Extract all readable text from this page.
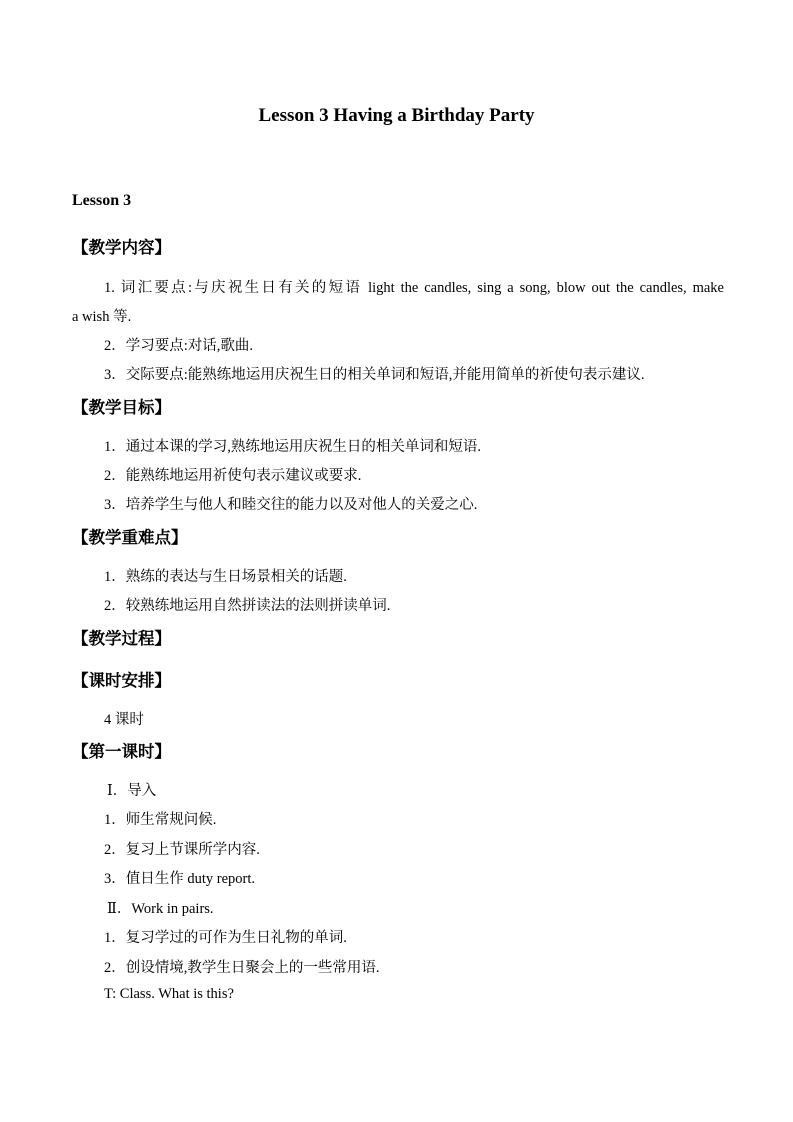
Lesson 3 Having a Birthday Party
Lesson 3
【教学内容】
1. 词汇要点:与庆祝生日有关的短语 light the candles, sing a song, blow out the candles, make
a wish 等.
2．学习要点:对话,歌曲.
3．交际要点:能熟练地运用庆祝生日的相关单词和短语,并能用简单的祈使句表示建议.
【教学目标】
1．通过本课的学习,熟练地运用庆祝生日的相关单词和短语.
2．能熟练地运用祈使句表示建议或要求.
3．培养学生与他人和睦交往的能力以及对他人的关爱之心.
【教学重难点】
1．熟练的表达与生日场景相关的话题.
2．较熟练地运用自然拼读法的法则拼读单词.
【教学过程】
【课时安排】
4 课时
【第一课时】
Ⅰ．导入
1．师生常规问候.
2．复习上节课所学内容.
3．值日生作 duty report.
Ⅱ．Work in pairs.
1．复习学过的可作为生日礼物的单词.
2．创设情境,教学生日聚会上的一些常用语.
T: Class. What is this?
